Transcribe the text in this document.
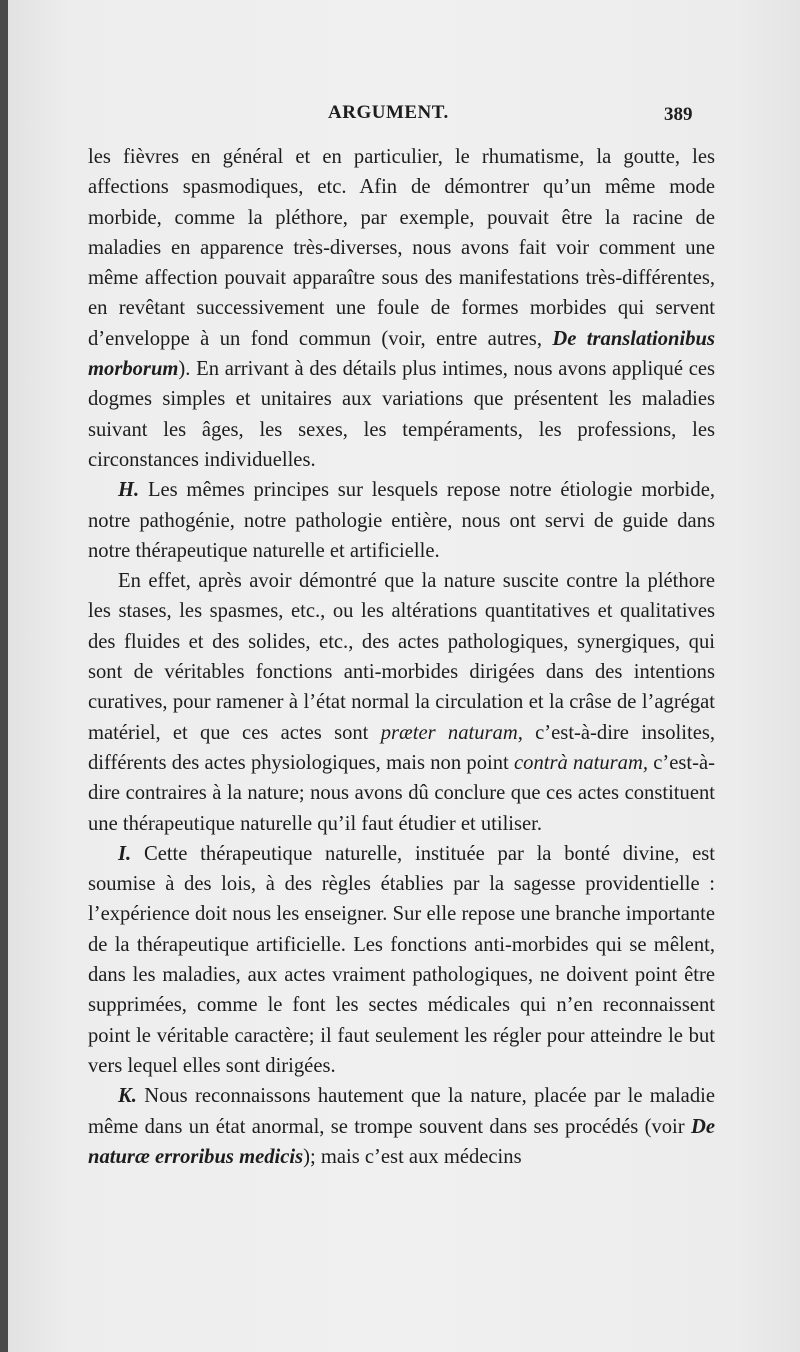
ARGUMENT.	389

les fièvres en général et en particulier, le rhumatisme, la goutte, les affections spasmodiques, etc. Afin de démontrer qu’un même mode morbide, comme la pléthore, par exemple, pouvait être la racine de maladies en apparence très-diverses, nous avons fait voir comment une même affection pouvait apparaître sous des manifestations très-différentes, en revêtant successivement une foule de formes morbides qui servent d’enveloppe à un fond commun (voir, entre autres, De translationibus morborum). En arrivant à des détails plus intimes, nous avons appliqué ces dogmes simples et unitaires aux variations que présentent les maladies suivant les âges, les sexes, les tempéraments, les professions, les circonstances individuelles.

H. Les mêmes principes sur lesquels repose notre étiologie morbide, notre pathogénie, notre pathologie entière, nous ont servi de guide dans notre thérapeutique naturelle et artificielle.

En effet, après avoir démontré que la nature suscite contre la pléthore les stases, les spasmes, etc., ou les altérations quantitatives et qualitatives des fluides et des solides, etc., des actes pathologiques, synergiques, qui sont de véritables fonctions anti-morbides dirigées dans des intentions curatives, pour ramener à l’état normal la circulation et la crâse de l’agrégat matériel, et que ces actes sont præter naturam, c’est-à-dire insolites, différents des actes physiologiques, mais non point contrà naturam, c’est-à-dire contraires à la nature; nous avons dû conclure que ces actes constituent une thérapeutique naturelle qu’il faut étudier et utiliser.

I. Cette thérapeutique naturelle, instituée par la bonté divine, est soumise à des lois, à des règles établies par la sagesse providentielle : l’expérience doit nous les enseigner. Sur elle repose une branche importante de la thérapeutique artificielle. Les fonctions anti-morbides qui se mêlent, dans les maladies, aux actes vraiment pathologiques, ne doivent point être supprimées, comme le font les sectes médicales qui n’en reconnaissent point le véritable caractère; il faut seulement les régler pour atteindre le but vers lequel elles sont dirigées.

K. Nous reconnaissons hautement que la nature, placée par le maladie même dans un état anormal, se trompe souvent dans ses procédés (voir De naturæ erroribus medicis); mais c’est aux médecins
